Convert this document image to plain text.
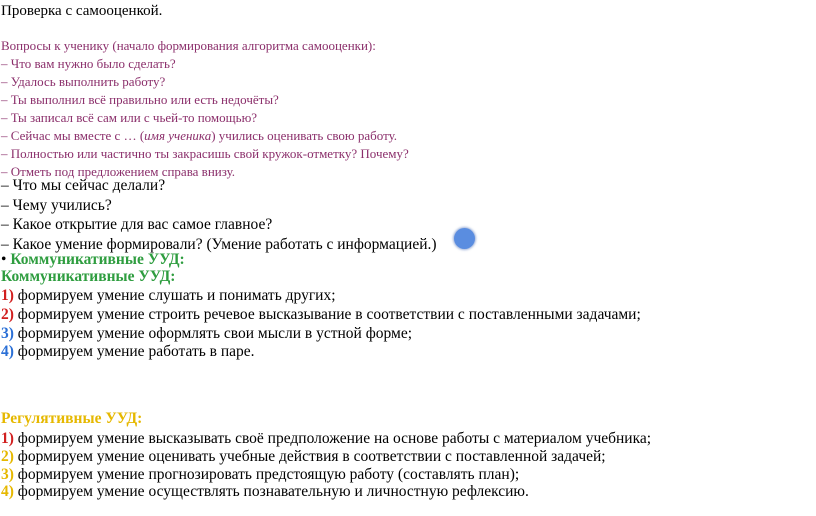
Проверка с самооценкой.
Вопросы к ученику (начало формирования алгоритма самооценки):
– Что вам нужно было сделать?
– Удалось выполнить работу?
– Ты выполнил всё правильно или есть недочёты?
– Ты записал всё сам или с чьей-то помощью?
– Сейчас мы вместе с … (имя ученика) учились оценивать свою работу.
– Полностью или частично ты закрасишь свой кружок-отметку? Почему?
– Отметь под предложением справа внизу.
– Что мы сейчас делали?
– Чему учились?
– Какое открытие для вас самое главное?
– Какое умение формировали? (Умение работать с информацией.)
• Коммуникативные УУД:
Коммуникативные УУД:
1) формируем умение слушать и понимать других;
2) формируем умение строить речевое высказывание в соответствии с поставленными задачами;
3) формируем умение оформлять свои мысли в устной форме;
4) формируем умение работать в паре.
Регулятивные УУД:
1) формируем умение высказывать своё предположение на основе работы с материалом учебника;
2) формируем умение оценивать учебные действия в соответствии с поставленной задачей;
3) формируем умение прогнозировать предстоящую работу (составлять план);
4) формируем умение осуществлять познавательную и личностную рефлексию.
